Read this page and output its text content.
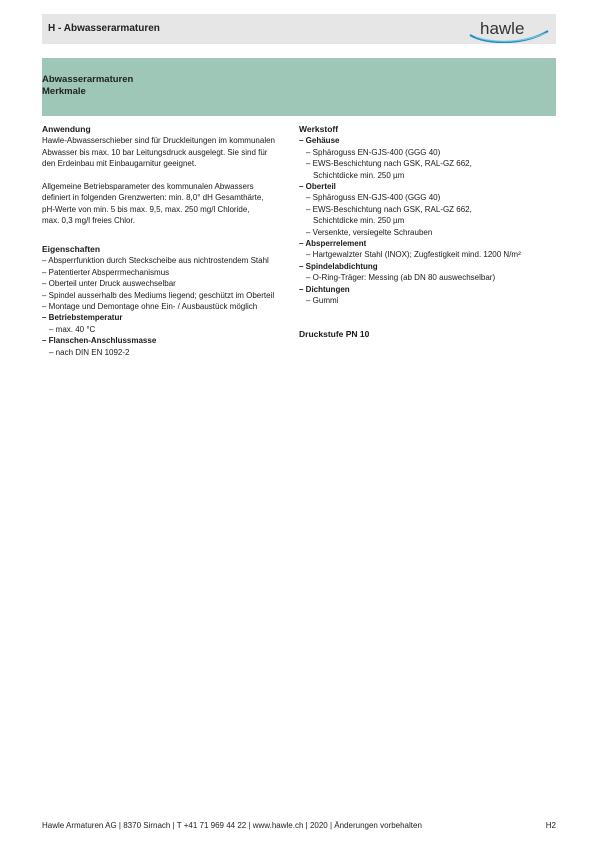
H - Abwasserarmaturen	hawle
Abwasserarmaturen
Merkmale
Anwendung
Hawle-Abwasserschieber sind für Druckleitungen im kommunalen
Abwasser bis max. 10 bar Leitungsdruck ausgelegt. Sie sind für
den Erdeinbau mit Einbaugarnitur geeignet.
Allgemeine Betriebsparameter des kommunalen Abwassers
definiert in folgenden Grenzwerten: min. 8,0° dH Gesamthärte,
pH-Werte von min. 5 bis max. 9,5, max. 250 mg/l Chloride,
max. 0,3 mg/l freies Chlor.
Eigenschaften
– Absperrfunktion durch Steckscheibe aus nichtrostendem Stahl
– Patentierter Absperrmechanismus
– Oberteil unter Druck auswechselbar
– Spindel ausserhalb des Mediums liegend; geschützt im Oberteil
– Montage und Demontage ohne Ein- / Ausbaustück möglich
– Betriebstemperatur
– max. 40 °C
– Flanschen-Anschlussmasse
– nach DIN EN 1092-2
Werkstoff
– Gehäuse
– Sphäroguss EN-GJS-400 (GGG 40)
– EWS-Beschichtung nach GSK, RAL-GZ 662,
Schichtdicke min. 250 µm
– Oberteil
– Sphäroguss EN-GJS-400 (GGG 40)
– EWS-Beschichtung nach GSK, RAL-GZ 662,
Schichtdicke min. 250 µm
– Versenkte, versiegelte Schrauben
– Absperrelement
– Hartgewalzter Stahl (INOX); Zugfestigkeit mind. 1200 N/m²
– Spindelabdichtung
– O-Ring-Träger: Messing (ab DN 80 auswechselbar)
– Dichtungen
– Gummi
Druckstufe PN 10
Hawle Armaturen AG | 8370 Sirnach | T +41 71 969 44 22 | www.hawle.ch | 2020 | Änderungen vorbehalten	H2
